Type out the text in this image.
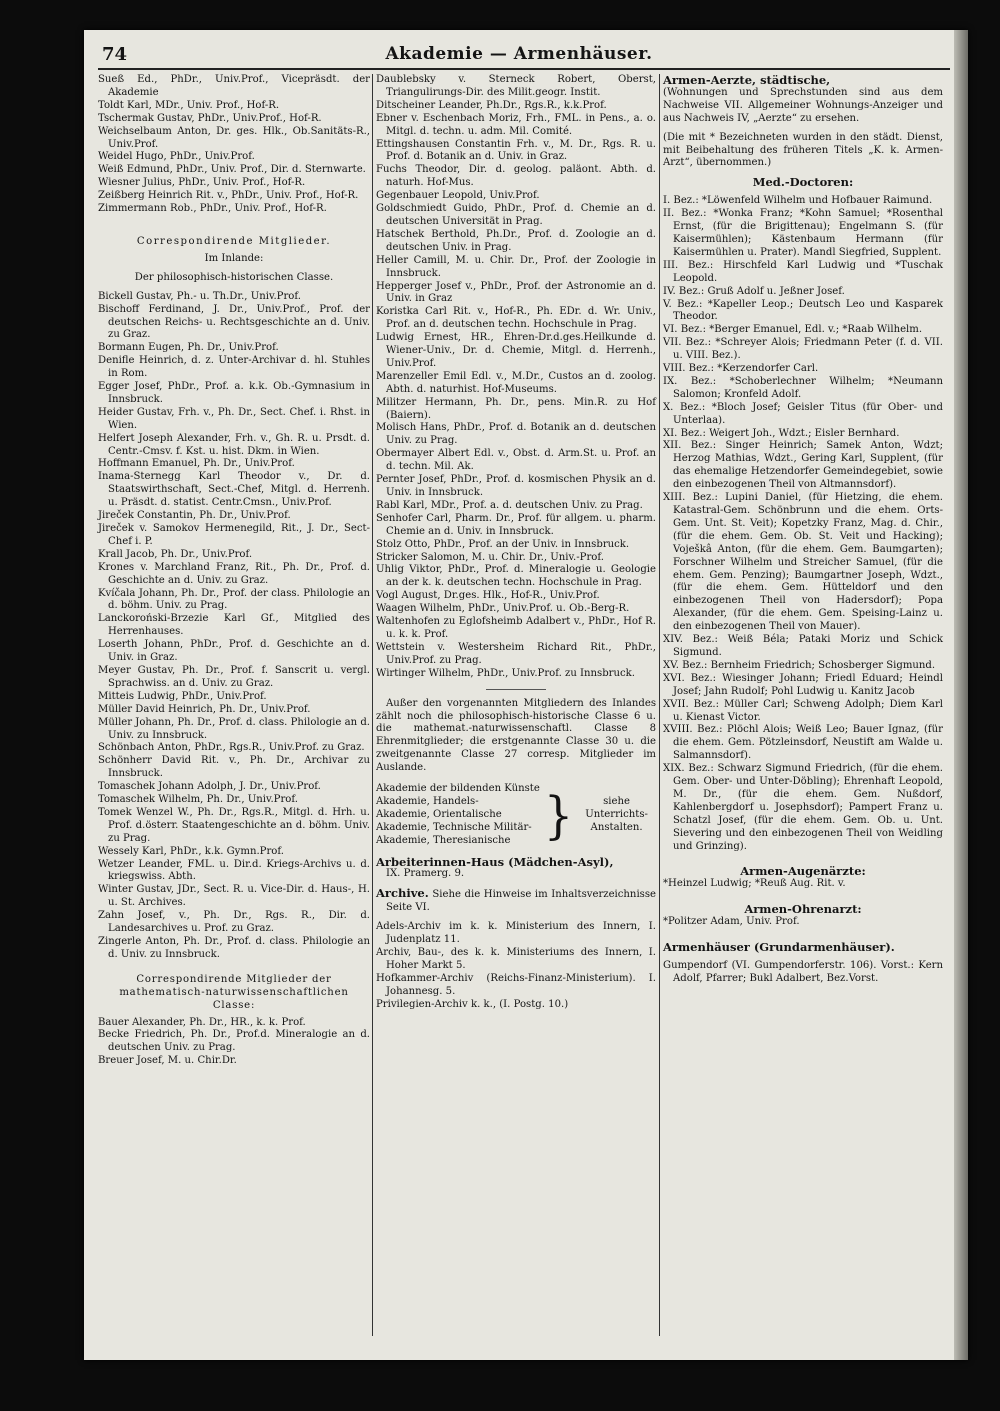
74	Akademie — Armenhäuser.
Sueß Ed., PhDr., Univ.Prof., Vicepräsdt. der Akademie
Toldt Karl, MDr., Univ. Prof., Hof-R.
Tschermak Gustav, PhDr., Univ.Prof., Hof-R.
Weichselbaum Anton, Dr. ges. Hlk., Ob.Sanitäts-R., Univ.Prof.
Weidel Hugo, PhDr., Univ.Prof.
Weiß Edmund, PhDr., Univ. Prof., Dir. d. Sternwarte.
Wiesner Julius, PhDr., Univ. Prof., Hof-R.
Zeißberg Heinrich Rit. v., PhDr., Univ. Prof., Hof-R.
Zimmermann Rob., PhDr., Univ. Prof., Hof-R.
Correspondirende Mitglieder.
Im Inlande:
Der philosophisch-historischen Classe.
Bickell Gustav, Ph.- u. Th.Dr., Univ.Prof.
Bischoff Ferdinand, J. Dr., Univ.Prof., Prof. der deutschen Reichs- u. Rechtsgeschichte an d. Univ. zu Graz.
Bormann Eugen, Ph. Dr., Univ.Prof.
Denifle Heinrich, d. z. Unter-Archivar d. hl. Stuhles in Rom.
Egger Josef, PhDr., Prof. a. k.k. Ob.-Gymnasium in Innsbruck.
Heider Gustav, Frh. v., Ph. Dr., Sect. Chef. i. Rhst. in Wien.
Helfert Joseph Alexander, Frh. v., Gh. R. u. Prsdt. d. Centr.-Cmsv. f. Kst. u. hist. Dkm. in Wien.
Hoffmann Emanuel, Ph. Dr., Univ.Prof.
Inama-Sternegg Karl Theodor v., Dr. d. Staatswirthschaft, Sect.-Chef, Mitgl. d. Herrenh. u. Präsdt. d. statist. Centr.Cmsn., Univ.Prof.
Jireček Constantin, Ph. Dr., Univ.Prof.
Jireček v. Samokov Hermenegild, Rit., J. Dr., Sect-Chef i. P.
Krall Jacob, Ph. Dr., Univ.Prof.
Krones v. Marchland Franz, Rit., Ph. Dr., Prof. d. Geschichte an d. Univ. zu Graz.
Kvíčala Johann, Ph. Dr., Prof. der class. Philologie an d. böhm. Univ. zu Prag.
Lanckoroński-Brzezie Karl Gf., Mitglied des Herrenhauses.
Loserth Johann, PhDr., Prof. d. Geschichte an d. Univ. in Graz.
Meyer Gustav, Ph. Dr., Prof. f. Sanscrit u. vergl. Sprachwiss. an d. Univ. zu Graz.
Mitteis Ludwig, PhDr., Univ.Prof.
Müller David Heinrich, Ph. Dr., Univ.Prof.
Müller Johann, Ph. Dr., Prof. d. class. Philologie an d. Univ. zu Innsbruck.
Schönbach Anton, PhDr., Rgs.R., Univ.Prof. zu Graz.
Schönherr David Rit. v., Ph. Dr., Archivar zu Innsbruck.
Tomaschek Johann Adolph, J. Dr., Univ.Prof.
Tomaschek Wilhelm, Ph. Dr., Univ.Prof.
Tomek Wenzel W., Ph. Dr., Rgs.R., Mitgl. d. Hrh. u. Prof. d.österr. Staatengeschichte an d. böhm. Univ. zu Prag.
Wessely Karl, PhDr., k.k. Gymn.Prof.
Wetzer Leander, FML. u. Dir.d. Kriegs-Archivs u. d. kriegswiss. Abth.
Winter Gustav, JDr., Sect. R. u. Vice-Dir. d. Haus-, H. u. St. Archives.
Zahn Josef, v., Ph. Dr., Rgs. R., Dir. d. Landesarchives u. Prof. zu Graz.
Zingerle Anton, Ph. Dr., Prof. d. class. Philologie an d. Univ. zu Innsbruck.
Correspondirende Mitglieder der mathematisch-naturwissenschaftlichen Classe:
Bauer Alexander, Ph. Dr., HR., k. k. Prof.
Becke Friedrich, Ph. Dr., Prof.d. Mineralogie an d. deutschen Univ. zu Prag.
Breuer Josef, M. u. Chir.Dr.
Daublebsky v. Sterneck Robert, Oberst, Triangulirungs-Dir. des Milit.geogr. Instit.
Ditscheiner Leander, Ph.Dr., Rgs.R., k.k.Prof.
Ebner v. Eschenbach Moriz, Frh., FML. in Pens., a. o. Mitgl. d. techn. u. adm. Mil. Comité.
Ettingshausen Constantin Frh. v., M. Dr., Rgs. R. u. Prof. d. Botanik an d. Univ. in Graz.
Fuchs Theodor, Dir. d. geolog. paläont. Abth. d. naturh. Hof-Mus.
Gegenbauer Leopold, Univ.Prof.
Goldschmiedt Guido, PhDr., Prof. d. Chemie an d. deutschen Universität in Prag.
Hatschek Berthold, Ph.Dr., Prof. d. Zoologie an d. deutschen Univ. in Prag.
Heller Camill, M. u. Chir. Dr., Prof. der Zoologie in Innsbruck.
Hepperger Josef v., PhDr., Prof. der Astronomie an d. Univ. in Graz
Koristka Carl Rit. v., Hof-R., Ph. EDr. d. Wr. Univ., Prof. an d. deutschen techn. Hochschule in Prag.
Ludwig Ernest, HR., Ehren-Dr.d.ges.Heilkunde d. Wiener-Univ., Dr. d. Chemie, Mitgl. d. Herrenh., Univ.Prof.
Marenzeller Emil Edl. v., M.Dr., Custos an d. zoolog. Abth. d. naturhist. Hof-Museums.
Militzer Hermann, Ph. Dr., pens. Min.R. zu Hof (Baiern).
Molisch Hans, PhDr., Prof. d. Botanik an d. deutschen Univ. zu Prag.
Obermayer Albert Edl. v., Obst. d. Arm.St. u. Prof. an d. techn. Mil. Ak.
Pernter Josef, PhDr., Prof. d. kosmischen Physik an d. Univ. in Innsbruck.
Rabl Karl, MDr., Prof. a. d. deutschen Univ. zu Prag.
Senhofer Carl, Pharm. Dr., Prof. für allgem. u. pharm. Chemie an d. Univ. in Innsbruck.
Stolz Otto, PhDr., Prof. an der Univ. in Innsbruck.
Stricker Salomon, M. u. Chir. Dr., Univ.-Prof.
Uhlig Viktor, PhDr., Prof. d. Mineralogie u. Geologie an der k. k. deutschen techn. Hochschule in Prag.
Vogl August, Dr.ges. Hlk., Hof-R., Univ.Prof.
Waagen Wilhelm, PhDr., Univ.Prof. u. Ob.-Berg-R.
Waltenhofen zu Eglofsheimb Adalbert v., PhDr., Hof R. u. k. k. Prof.
Wettstein v. Westersheim Richard Rit., PhDr., Univ.Prof. zu Prag.
Wirtinger Wilhelm, PhDr., Univ.Prof. zu Innsbruck.
Außer den vorgenannten Mitgliedern des Inlandes zählt noch die philosophisch-historische Classe 6 u. die mathemat.-naturwissenschaftl. Classe 8 Ehrenmitglieder; die erstgenannte Classe 30 u. die zweitgenannte Classe 27 corresp. Mitglieder im Auslande.
Akademie der bildenden Künste
Akademie, Handels-
Akademie, Orientalische
Akademie, Technische Militär-
Akademie, Theresianische }	siehe Unterrichts-Anstalten.
Arbeiterinnen-Haus (Mädchen-Asyl),
IX. Pramerg. 9.
Archive. Siehe die Hinweise im Inhaltsverzeichnisse Seite VI.
Adels-Archiv im k. k. Ministerium des Innern, I. Judenplatz 11.
Archiv, Bau-, des k. k. Ministeriums des Innern, I. Hoher Markt 5.
Hofkammer-Archiv (Reichs-Finanz-Ministerium). I. Johannesg. 5.
Privilegien-Archiv k. k., (I. Postg. 10.)
Armen-Aerzte, städtische,
(Wohnungen und Sprechstunden sind aus dem Nachweise VII. Allgemeiner Wohnungs-Anzeiger und aus Nachweis IV, „Aerzte“ zu ersehen.
(Die mit * Bezeichneten wurden in den städt. Dienst, mit Beibehaltung des früheren Titels „K. k. Armen-Arzt“, übernommen.)
Med.-Doctoren:
I. Bez.: *Löwenfeld Wilhelm und Hofbauer Raimund.
II. Bez.: *Wonka Franz; *Kohn Samuel; *Rosenthal Ernst, (für die Brigittenau); Engelmann S. (für Kaisermühlen); Kästenbaum Hermann (für Kaisermühlen u. Prater). Mandl Siegfried, Supplent.
III. Bez.: Hirschfeld Karl Ludwig und *Tuschak Leopold.
IV. Bez.: Gruß Adolf u. Jeßner Josef.
V. Bez.: *Kapeller Leop.; Deutsch Leo und Kasparek Theodor.
VI. Bez.: *Berger Emanuel, Edl. v.; *Raab Wilhelm.
VII. Bez.: *Schreyer Alois; Friedmann Peter (f. d. VII. u. VIII. Bez.).
VIII. Bez.: *Kerzendorfer Carl.
IX. Bez.: *Schoberlechner Wilhelm; *Neumann Salomon; Kronfeld Adolf.
X. Bez.: *Bloch Josef; Geisler Titus (für Ober- und Unterlaa).
XI. Bez.: Weigert Joh., Wdzt.; Eisler Bernhard.
XII. Bez.: Singer Heinrich; Samek Anton, Wdzt; Herzog Mathias, Wdzt., Gering Karl, Supplent, (für das ehemalige Hetzendorfer Gemeindegebiet, sowie den einbezogenen Theil von Altmannsdorf).
XIII. Bez.: Lupini Daniel, (für Hietzing, die ehem. Katastral-Gem. Schönbrunn und die ehem. Orts-Gem. Unt. St. Veit); Kopetzky Franz, Mag. d. Chir., (für die ehem. Gem. Ob. St. Veit und Hacking); Voješkâ Anton, (für die ehem. Gem. Baumgarten); Forschner Wilhelm und Streicher Samuel, (für die ehem. Gem. Penzing); Baumgartner Joseph, Wdzt., (für die ehem. Gem. Hütteldorf und den einbezogenen Theil von Hadersdorf); Popa Alexander, (für die ehem. Gem. Speising-Lainz u. den einbezogenen Theil von Mauer).
XIV. Bez.: Weiß Béla; Pataki Moriz und Schick Sigmund.
XV. Bez.: Bernheim Friedrich; Schosberger Sigmund.
XVI. Bez.: Wiesinger Johann; Friedl Eduard; Heindl Josef; Jahn Rudolf; Pohl Ludwig u. Kanitz Jacob
XVII. Bez.: Müller Carl; Schweng Adolph; Diem Karl u. Kienast Victor.
XVIII. Bez.: Plöchl Alois; Weiß Leo; Bauer Ignaz, (für die ehem. Gem. Pötzleinsdorf, Neustift am Walde u. Salmannsdorf).
XIX. Bez.: Schwarz Sigmund Friedrich, (für die ehem. Gem. Ober- und Unter-Döbling); Ehrenhaft Leopold, M. Dr., (für die ehem. Gem. Nußdorf, Kahlenbergdorf u. Josephsdorf); Pampert Franz u. Schatzl Josef, (für die ehem. Gem. Ob. u. Unt. Sievering und den einbezogenen Theil von Weidling und Grinzing).
Armen-Augenärzte:
*Heinzel Ludwig; *Reuß Aug. Rit. v.
Armen-Ohrenarzt:
*Politzer Adam, Univ. Prof.
Armenhäuser (Grundarmenhäuser).
Gumpendorf (VI. Gumpendorferstr. 106). Vorst.: Kern Adolf, Pfarrer; Bukl Adalbert, Bez.Vorst.
